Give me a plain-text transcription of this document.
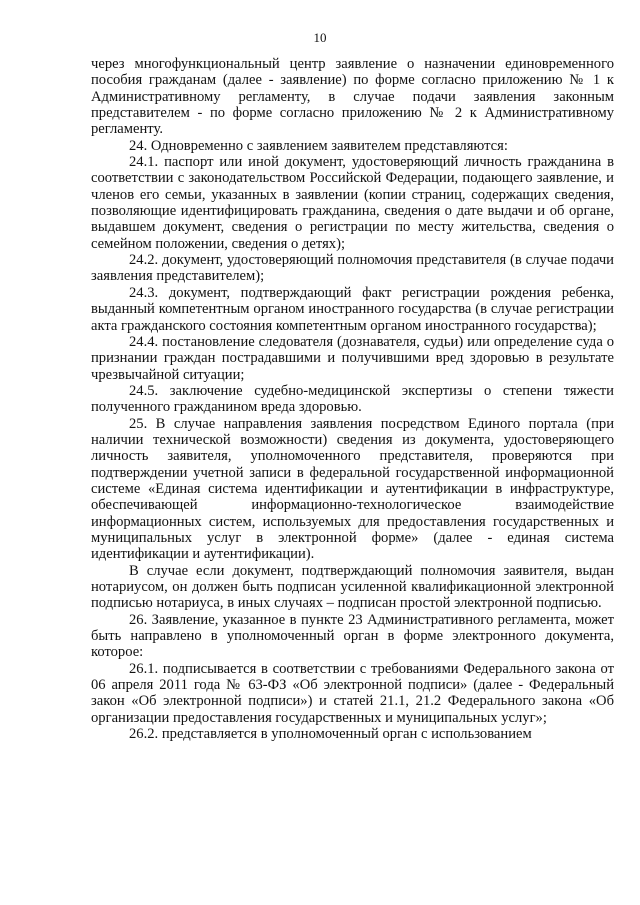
10

через многофункциональный центр заявление о назначении единовременного пособия гражданам (далее - заявление) по форме согласно приложению № 1 к Административному регламенту, в случае подачи заявления законным представителем - по форме согласно приложению № 2 к Административному регламенту.

24. Одновременно с заявлением заявителем представляются:

24.1. паспорт или иной документ, удостоверяющий личность гражданина в соответствии с законодательством Российской Федерации, подающего заявление, и членов его семьи, указанных в заявлении (копии страниц, содержащих сведения, позволяющие идентифицировать гражданина, сведения о дате выдачи и об органе, выдавшем документ, сведения о регистрации по месту жительства, сведения о семейном положении, сведения о детях);

24.2. документ, удостоверяющий полномочия представителя (в случае подачи заявления представителем);

24.3. документ, подтверждающий факт регистрации рождения ребенка, выданный компетентным органом иностранного государства (в случае регистрации акта гражданского состояния компетентным органом иностранного государства);

24.4. постановление следователя (дознавателя, судьи) или определение суда о признании граждан пострадавшими и получившими вред здоровью в результате чрезвычайной ситуации;

24.5. заключение судебно-медицинской экспертизы о степени тяжести полученного гражданином вреда здоровью.

25. В случае направления заявления посредством Единого портала (при наличии технической возможности) сведения из документа, удостоверяющего личность заявителя, уполномоченного представителя, проверяются при подтверждении учетной записи в федеральной государственной информационной системе «Единая система идентификации и аутентификации в инфраструктуре, обеспечивающей информационно-технологическое взаимодействие информационных систем, используемых для предоставления государственных и муниципальных услуг в электронной форме» (далее - единая система идентификации и аутентификации).

В случае если документ, подтверждающий полномочия заявителя, выдан нотариусом, он должен быть подписан усиленной квалификационной электронной подписью нотариуса, в иных случаях – подписан простой электронной подписью.

26. Заявление, указанное в пункте 23 Административного регламента, может быть направлено в уполномоченный орган в форме электронного документа, которое:

26.1. подписывается в соответствии с требованиями Федерального закона от 06 апреля 2011 года № 63-ФЗ «Об электронной подписи» (далее - Федеральный закон «Об электронной подписи») и статей 21.1, 21.2 Федерального закона «Об организации предоставления государственных и муниципальных услуг»;

26.2. представляется в уполномоченный орган с использованием
